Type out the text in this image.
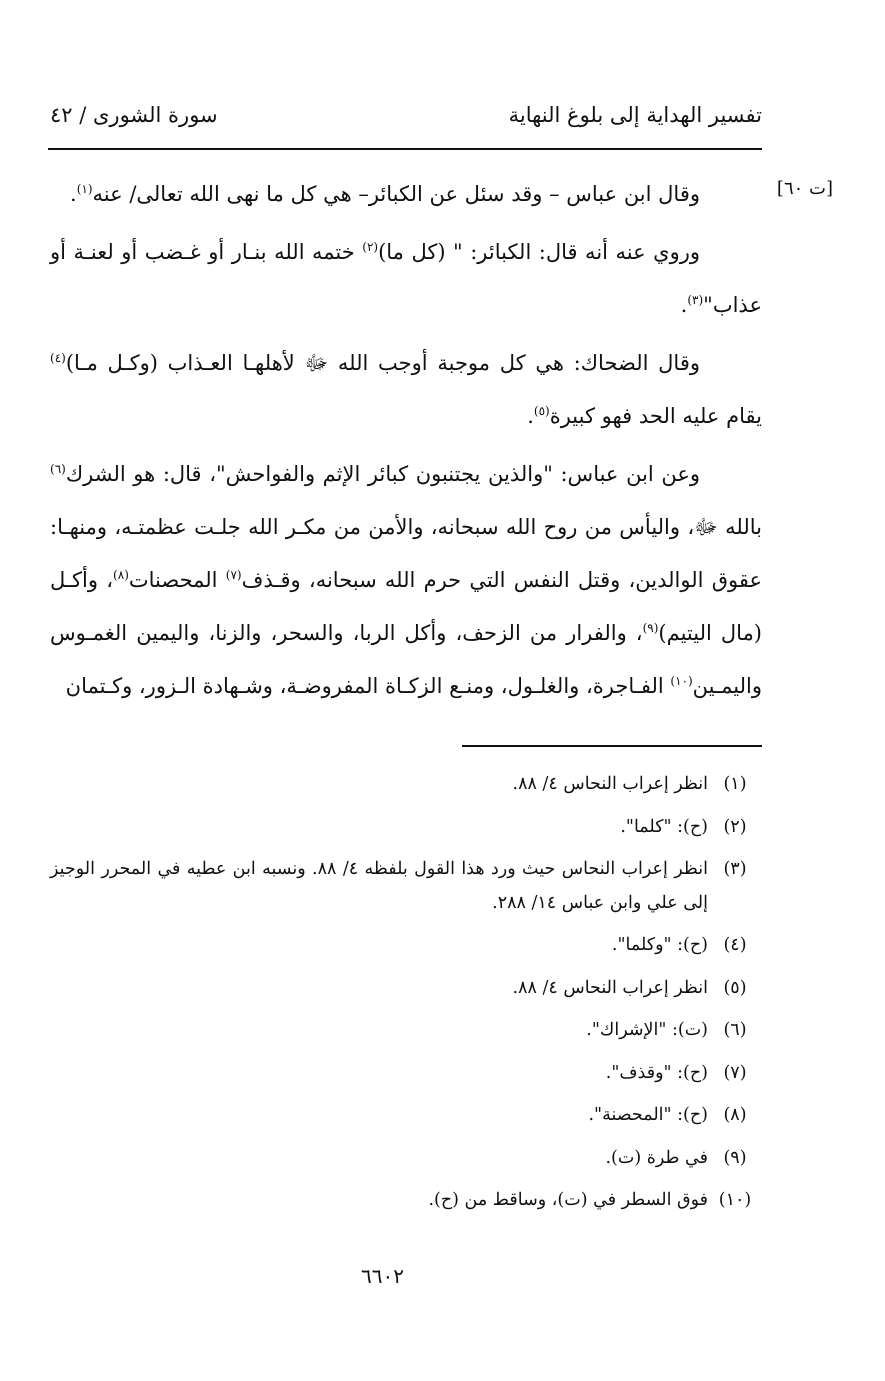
تفسير الهداية إلى بلوغ النهاية
سورة الشورى / ٤٢
[ت ٦٠]

وقال ابن عباس – وقد سئل عن الكبائر– هي كل ما نهى الله تعالى/ عنه$^{(١)}$.

وروي عنه أنه قال: الكبائر: " (كل ما)$^{(٢)}$ ختمه الله بنـار أو غـضب أو لعنـة أو عذاب"$^{(٣)}$.

وقال الضحاك: هي كل موجبة أوجب الله ﷻ لأهلهـا العـذاب (وكـل مـا)$^{(٤)}$ يقام عليه الحد فهو كبيرة$^{(٥)}$.

وعن ابن عباس: "والذين يجتنبون كبائر الإثم والفواحش"، قال: هو الشرك$^{(٦)}$ بالله ﷻ، واليأس من روح الله سبحانه، والأمن من مكـر الله جلـت عظمتـه، ومنهـا: عقوق الوالدين، وقتل النفس التي حرم الله سبحانه، وقـذف$^{(٧)}$ المحصنات$^{(٨)}$، وأكـل (مال اليتيم)$^{(٩)}$، والفرار من الزحف، وأكل الربا، والسحر، والزنا، واليمين الغمـوس واليمـين$^{(١٠)}$ الفـاجرة، والغلـول، ومنـع الزكـاة المفروضـة، وشـهادة الـزور، وكـتمان

(١)
انظر إعراب النحاس ٤/ ٨٨.
(٢)
(ح): "كلما".
(٣)
انظر إعراب النحاس حيث ورد هذا القول بلفظه ٤/ ٨٨. ونسبه ابن عطيه في المحرر الوجيز إلى علي وابن عباس ١٤/ ٢٨٨.
(٤)
(ح): "وكلما".
(٥)
انظر إعراب النحاس ٤/ ٨٨.
(٦)
(ت): "الإشراك".
(٧)
(ح): "وقذف".
(٨)
(ح): "المحصنة".
(٩)
في طرة (ت).
(١٠)
فوق السطر في (ت)، وساقط من (ح).
٦٦٠٢
